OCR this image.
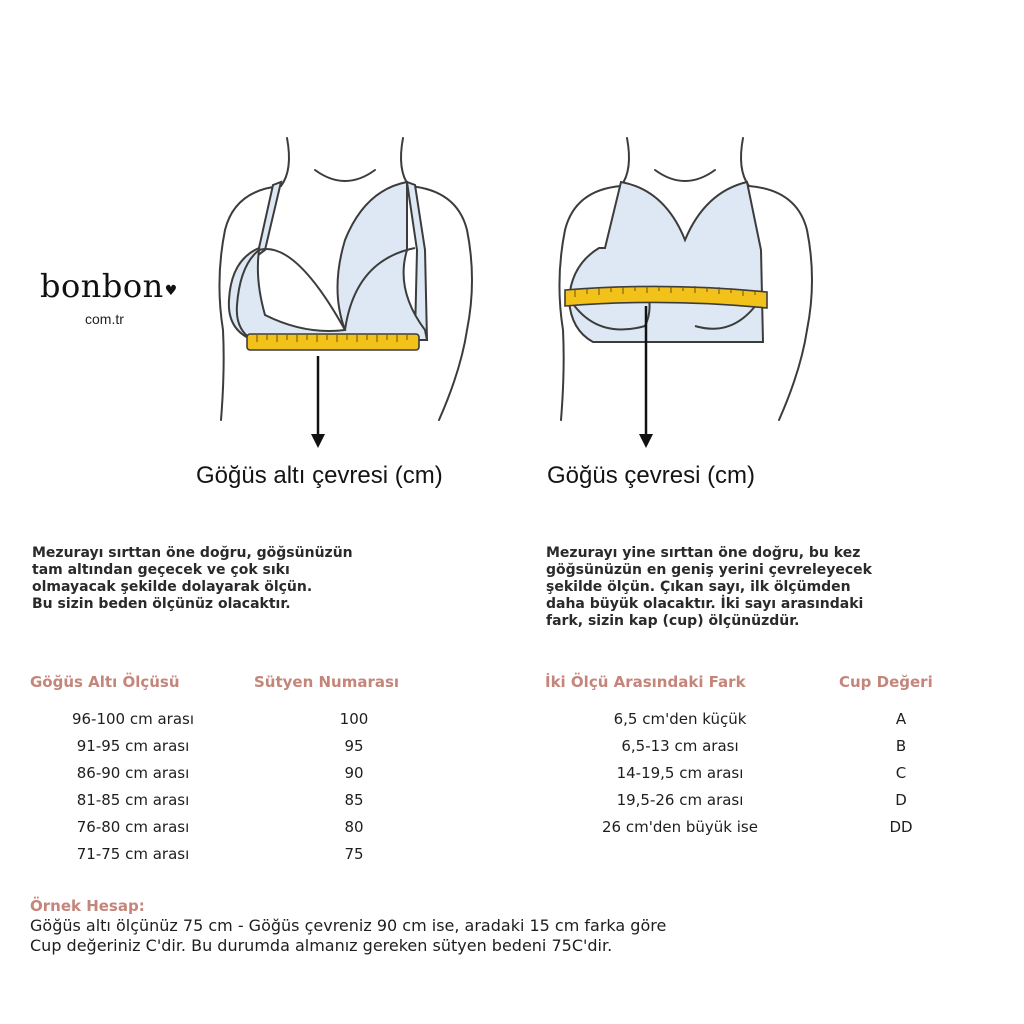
bonbon♥
com.tr
Göğüs altı çevresi (cm)	Göğüs çevresi (cm)

Mezurayı sırttan öne doğru, göğsünüzün
tam altından geçecek ve çok sıkı
olmayacak şekilde dolayarak ölçün.
Bu sizin beden ölçünüz olacaktır.

Mezurayı yine sırttan öne doğru, bu kez
göğsünüzün en geniş yerini çevreleyecek
şekilde ölçün. Çıkan sayı, ilk ölçümden
daha büyük olacaktır. İki sayı arasındaki
fark, sizin kap (cup) ölçünüzdür.

Göğüs Altı Ölçüsü	Sütyen Numarası
96-100 cm arası	100
91-95 cm arası	95
86-90 cm arası	90
81-85 cm arası	85
76-80 cm arası	80
71-75 cm arası	75
İki Ölçü Arasındaki Fark	Cup Değeri
6,5 cm'den küçük	A
6,5-13 cm arası	B
14-19,5 cm arası	C
19,5-26 cm arası	D
26 cm'den büyük ise	DD
Örnek Hesap:

Göğüs altı ölçünüz 75 cm - Göğüs çevreniz 90 cm ise, aradaki 15 cm farka göre

Cup değeriniz C'dir. Bu durumda almanız gereken sütyen bedeni 75C'dir.
